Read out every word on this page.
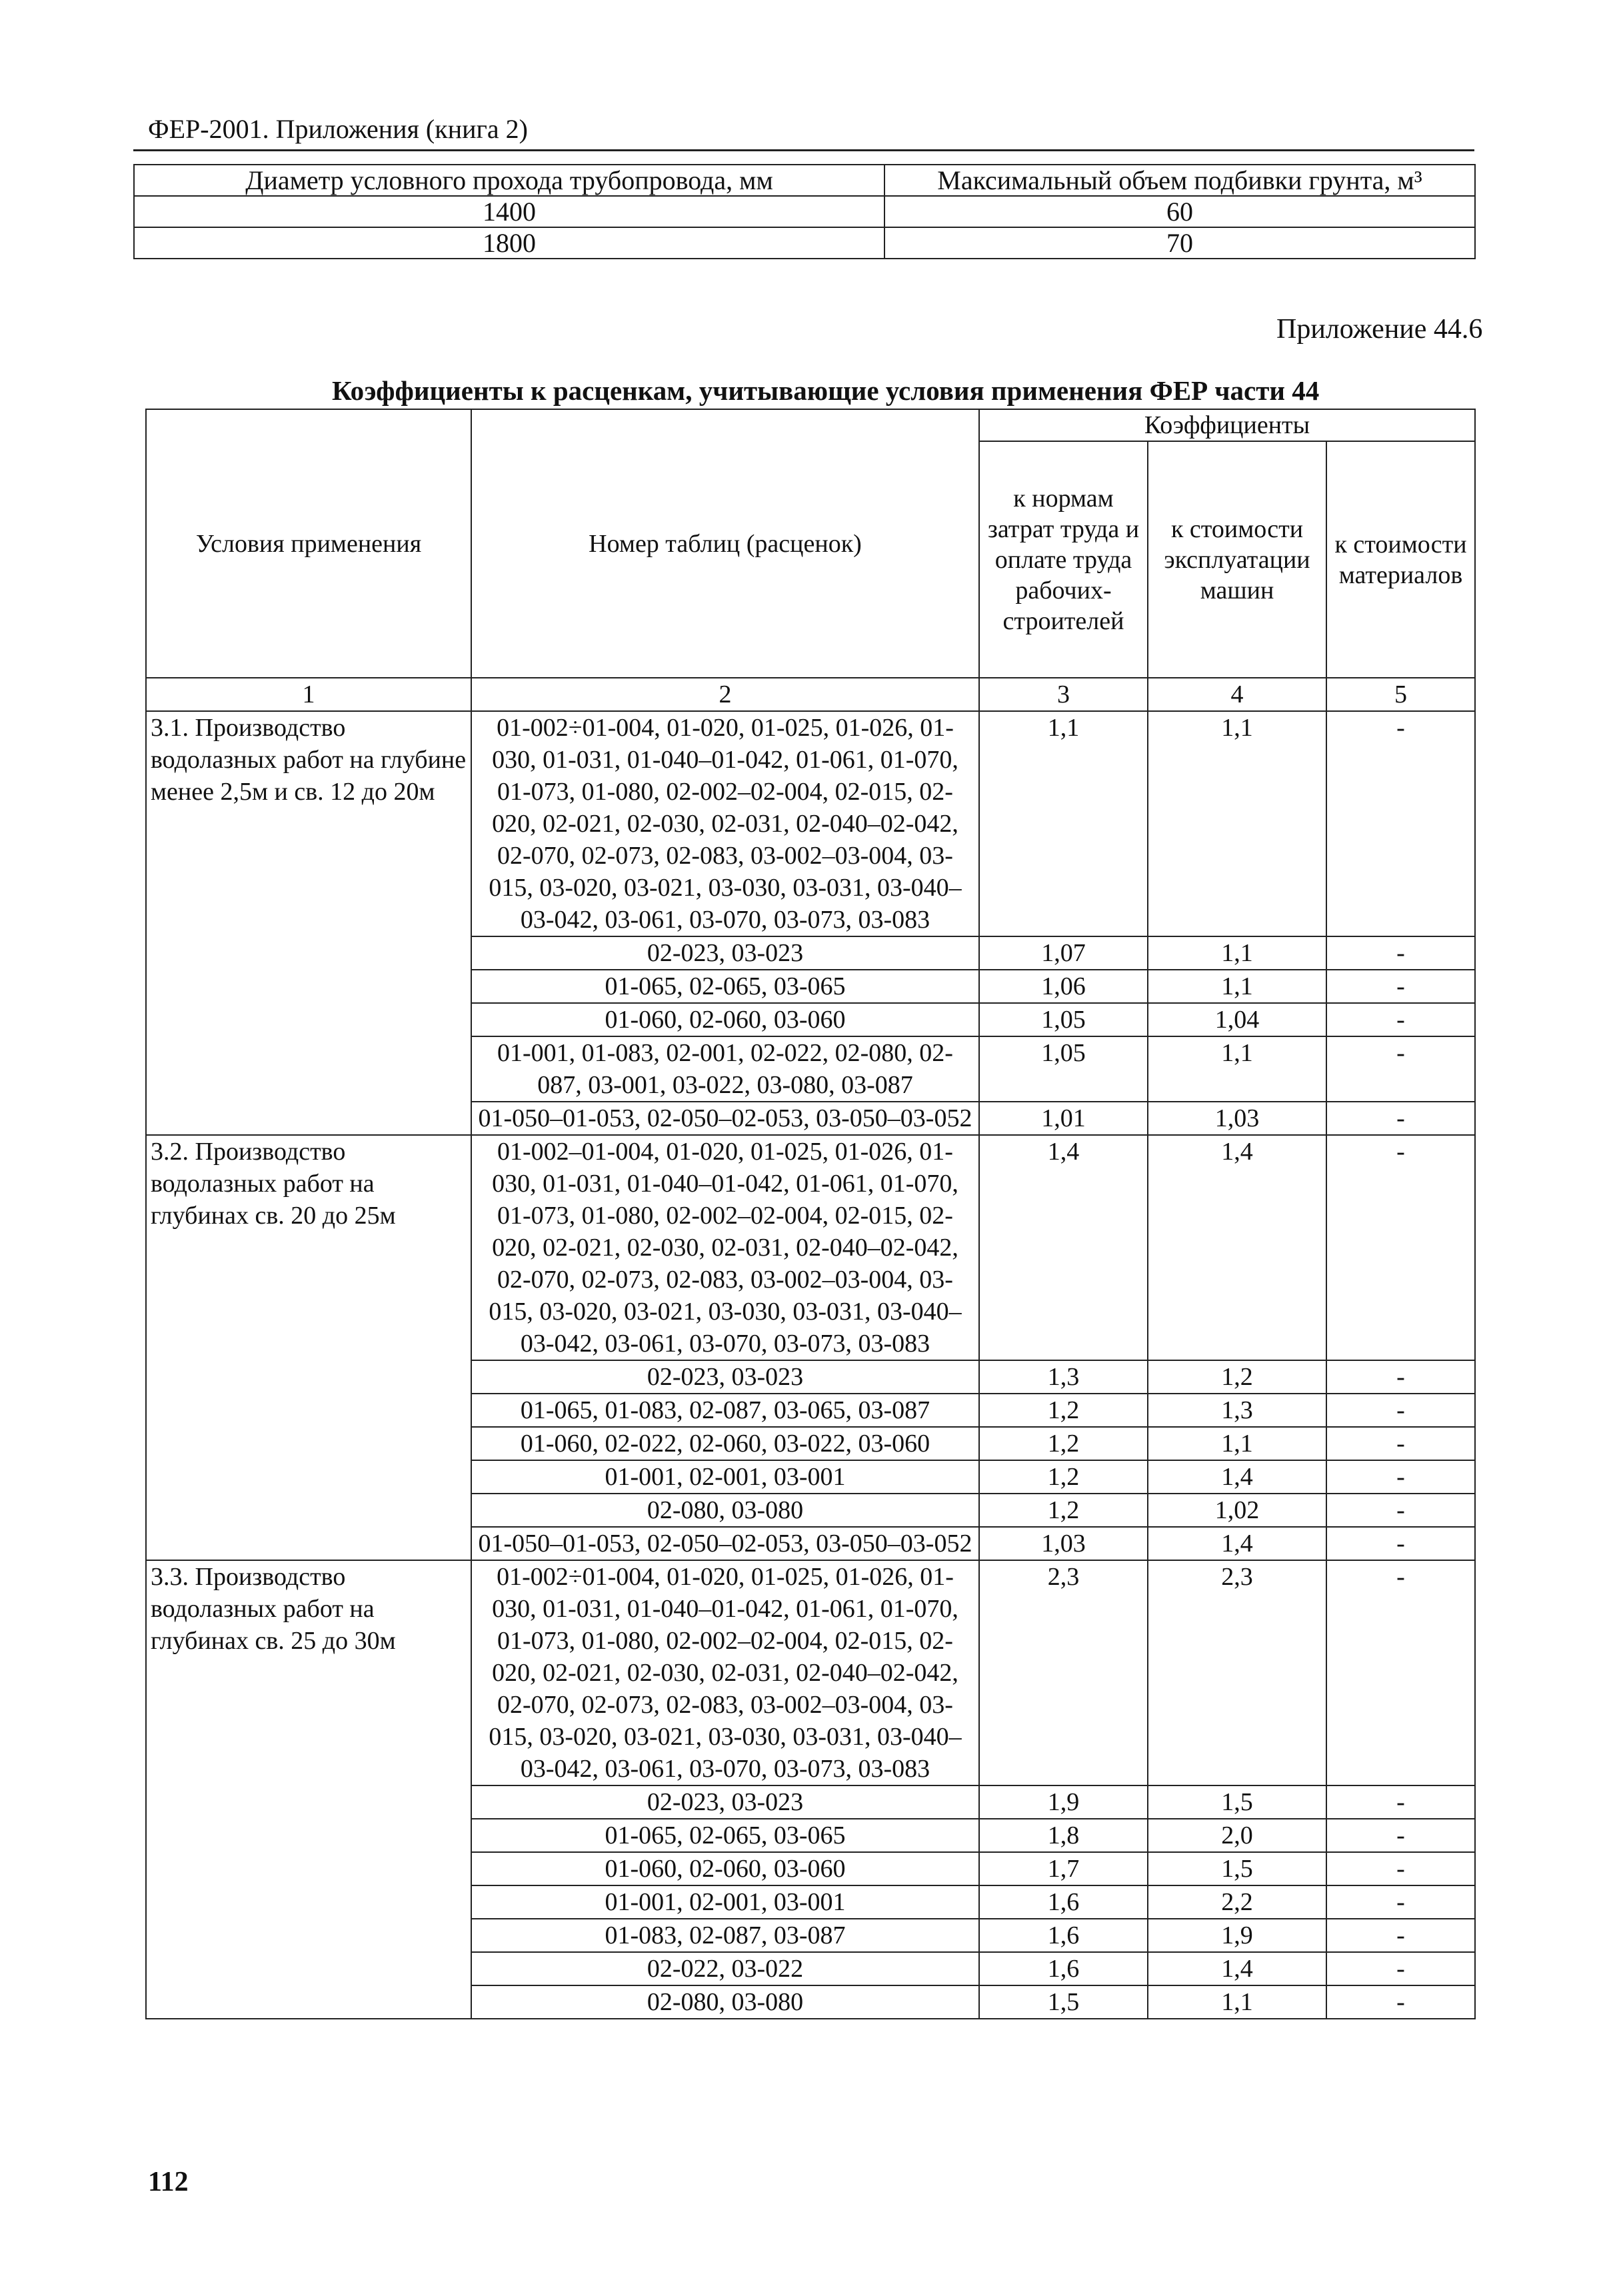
ФЕР-2001. Приложения (книга 2)
Диаметр условного прохода трубопровода, мм	Максимальный объем подбивки грунта, м³
1400	60
1800	70
Приложение 44.6
Коэффициенты к расценкам, учитывающие условия применения ФЕР части 44
Условия применения	Номер таблиц (расценок)	Коэффициенты		
		к нормам затрат труда и оплате труда рабочих-строителей	к стоимости эксплуатации машин	к стоимости материалов
1	2	3	4	5
3.1. Производство водолазных работ на глубине менее 2,5м и св. 12 до 20м	01-002÷01-004, 01-020, 01-025, 01-026, 01-030, 01-031, 01-040–01-042, 01-061, 01-070, 01-073, 01-080, 02-002–02-004, 02-015, 02-020, 02-021, 02-030, 02-031, 02-040–02-042, 02-070, 02-073, 02-083, 03-002–03-004, 03-015, 03-020, 03-021, 03-030, 03-031, 03-040–03-042, 03-061, 03-070, 03-073, 03-083	1,1	1,1	-
	02-023, 03-023	1,07	1,1	-
	01-065, 02-065, 03-065	1,06	1,1	-
	01-060, 02-060, 03-060	1,05	1,04	-
	01-001, 01-083, 02-001, 02-022, 02-080, 02-087, 03-001, 03-022, 03-080, 03-087	1,05	1,1	-
	01-050–01-053, 02-050–02-053, 03-050–03-052	1,01	1,03	-
3.2. Производство водолазных работ на глубинах св. 20 до 25м	01-002–01-004, 01-020, 01-025, 01-026, 01-030, 01-031, 01-040–01-042, 01-061, 01-070, 01-073, 01-080, 02-002–02-004, 02-015, 02-020, 02-021, 02-030, 02-031, 02-040–02-042, 02-070, 02-073, 02-083, 03-002–03-004, 03-015, 03-020, 03-021, 03-030, 03-031, 03-040–03-042, 03-061, 03-070, 03-073, 03-083	1,4	1,4	-
	02-023, 03-023	1,3	1,2	-
	01-065, 01-083, 02-087, 03-065, 03-087	1,2	1,3	-
	01-060, 02-022, 02-060, 03-022, 03-060	1,2	1,1	-
	01-001, 02-001, 03-001	1,2	1,4	-
	02-080, 03-080	1,2	1,02	-
	01-050–01-053, 02-050–02-053, 03-050–03-052	1,03	1,4	-
3.3. Производство водолазных работ на глубинах св. 25 до 30м	01-002÷01-004, 01-020, 01-025, 01-026, 01-030, 01-031, 01-040–01-042, 01-061, 01-070, 01-073, 01-080, 02-002–02-004, 02-015, 02-020, 02-021, 02-030, 02-031, 02-040–02-042, 02-070, 02-073, 02-083, 03-002–03-004, 03-015, 03-020, 03-021, 03-030, 03-031, 03-040–03-042, 03-061, 03-070, 03-073, 03-083	2,3	2,3	-
	02-023, 03-023	1,9	1,5	-
	01-065, 02-065, 03-065	1,8	2,0	-
	01-060, 02-060, 03-060	1,7	1,5	-
	01-001, 02-001, 03-001	1,6	2,2	-
	01-083, 02-087, 03-087	1,6	1,9	-
	02-022, 03-022	1,6	1,4	-
	02-080, 03-080	1,5	1,1	-
112
